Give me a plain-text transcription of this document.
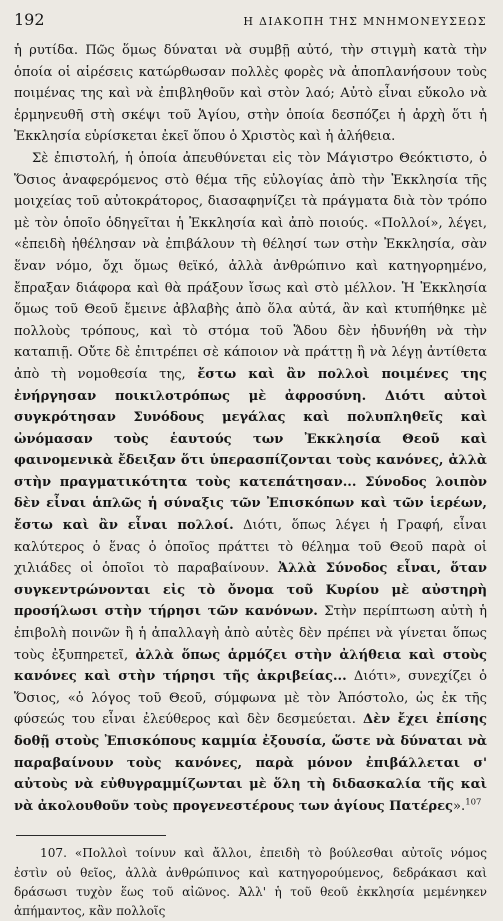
192	Η ΔΙΑΚΟΠΗ ΤΗΣ ΜΝΗΜΟΝΕΥΣΕΩΣ

ἡ ρυτίδα. Πῶς ὅμως δύναται νὰ συμβῇ αὐτό, τὴν στιγμὴ κατὰ τὴν ὁποία οἱ αἱρέσεις κατώρθωσαν πολλὲς φορὲς νὰ ἀποπλανήσουν τοὺς ποιμένας της καὶ νὰ ἐπιβληθοῦν καὶ στὸν λαό; Αὐτὸ εἶναι εὔκολο νὰ ἑρμηνευθῆ στὴ σκέψι τοῦ Ἁγίου, στὴν ὁποία δεσπόζει ἡ ἀρχὴ ὅτι ἡ Ἐκκλησία εὑρίσκεται ἐκεῖ ὅπου ὁ Χριστὸς καὶ ἡ ἀλήθεια.

Σὲ ἐπιστολή, ἡ ὁποία ἀπευθύνεται εἰς τὸν Μάγιστρο Θεόκτιστο, ὁ Ὅσιος ἀναφερόμενος στὸ θέμα τῆς εὐλογίας ἀπὸ τὴν Ἐκκλησία τῆς μοιχείας τοῦ αὐτοκράτορος, διασαφηνίζει τὰ πράγματα διὰ τὸν τρόπο μὲ τὸν ὁποῖο ὁδηγεῖται ἡ Ἐκκλησία καὶ ἀπὸ ποιούς. «Πολλοί», λέγει, «ἐπειδὴ ἠθέλησαν νὰ ἐπιβάλουν τὴ θέλησί των στὴν Ἐκκλησία, σὰν ἕναν νόμο, ὄχι ὅμως θεϊκό, ἀλλὰ ἀνθρώπινο καὶ κατηγορημένο, ἔπραξαν διάφορα καὶ θὰ πράξουν ἴσως καὶ στὸ μέλλον. Ἡ Ἐκκλησία ὅμως τοῦ Θεοῦ ἔμεινε ἀβλαβὴς ἀπὸ ὅλα αὐτά, ἂν καὶ κτυπήθηκε μὲ πολλοὺς τρόπους, καὶ τὸ στόμα τοῦ Ἅδου δὲν ἠδυνήθη νὰ τὴν καταπιῇ. Οὔτε δὲ ἐπιτρέπει σὲ κάποιον νὰ πράττῃ ἢ νὰ λέγῃ ἀντίθετα ἀπὸ τὴ νομοθεσία της, ἔστω καὶ ἂν πολλοὶ ποιμένες της ἐνήργησαν ποικιλοτρόπως μὲ ἀφροσύνη. Διότι αὐτοὶ συγκρότησαν Συνόδους μεγάλας καὶ πολυπληθεῖς καὶ ὠνόμασαν τοὺς ἑαυτούς των Ἐκκλησία Θεοῦ καὶ φαινομενικὰ ἔδειξαν ὅτι ὑπερασπίζονται τοὺς κανόνες, ἀλλὰ στὴν πραγματικότητα τοὺς κατεπάτησαν... Σύνοδος λοιπὸν δὲν εἶναι ἁπλῶς ἡ σύναξις τῶν Ἐπισκόπων καὶ τῶν ἱερέων, ἔστω καὶ ἂν εἶναι πολλοί. Διότι, ὅπως λέγει ἡ Γραφή, εἶναι καλύτερος ὁ ἕνας ὁ ὁποῖος πράττει τὸ θέλημα τοῦ Θεοῦ παρὰ οἱ χιλιάδες οἱ ὁποῖοι τὸ παραβαίνουν. Ἀλλὰ Σύνοδος εἶναι, ὅταν συγκεντρώνονται εἰς τὸ ὄνομα τοῦ Κυρίου μὲ αὐστηρὴ προσήλωσι στὴν τήρησι τῶν κανόνων. Στὴν περίπτωση αὐτὴ ἡ ἐπιβολὴ ποινῶν ἢ ἡ ἀπαλλαγὴ ἀπὸ αὐτὲς δὲν πρέπει νὰ γίνεται ὅπως τοὺς ἐξυπηρετεῖ, ἀλλὰ ὅπως ἁρμόζει στὴν ἀλήθεια καὶ στοὺς κανόνες καὶ στὴν τήρησι τῆς ἀκριβείας... Διότι», συνεχίζει ὁ Ὅσιος, «ὁ λόγος τοῦ Θεοῦ, σύμφωνα μὲ τὸν Ἀπόστολο, ὡς ἐκ τῆς φύσεώς του εἶναι ἐλεύθερος καὶ δὲν δεσμεύεται. Δὲν ἔχει ἐπίσης δοθῇ στοὺς Ἐπισκόπους καμμία ἐξουσία, ὥστε νὰ δύναται νὰ παραβαίνουν τοὺς κανόνες, παρὰ μόνον ἐπιβάλλεται σ' αὐτοὺς νὰ εὐθυγραμμίζωνται μὲ ὅλη τὴ διδασκαλία τῆς καὶ νὰ ἀκολουθοῦν τοὺς προγενεστέρους των ἁγίους Πατέρες».$^{107}$

107. «Πολλοὶ τοίνυν καὶ ἄλλοι, ἐπειδὴ τὸ βούλεσθαι αὐτοῖς νόμος ἐστὶν οὐ θεῖος, ἀλλὰ ἀνθρώπινος καὶ κατηγορούμενος, δεδράκασι καὶ δράσωσι τυχὸν ἕως τοῦ αἰῶνος. Ἀλλ' ἡ τοῦ θεοῦ ἐκκλησία μεμένηκεν ἀπήμαντος, κἂν πολλοῖς
